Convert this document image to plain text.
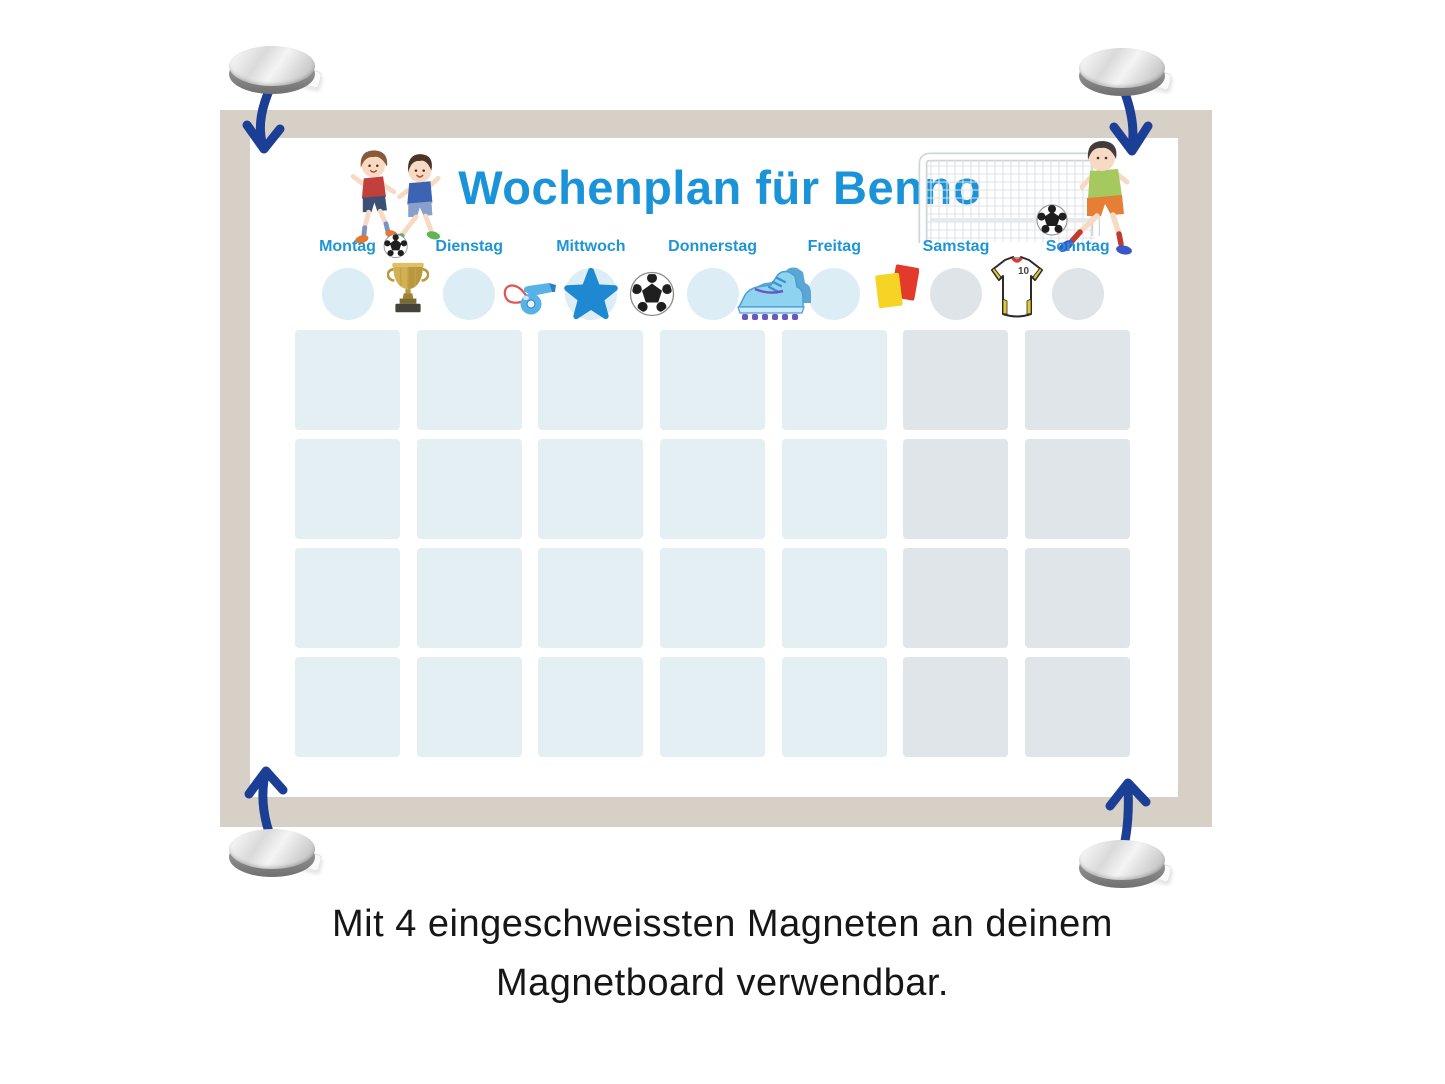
Wochenplan für Benno
Montag	Dienstag	Mittwoch	Donnerstag	Freitag	Samstag	Sonntag
10
Mit 4 eingeschweissten Magneten an deinem
Magnetboard verwendbar.
